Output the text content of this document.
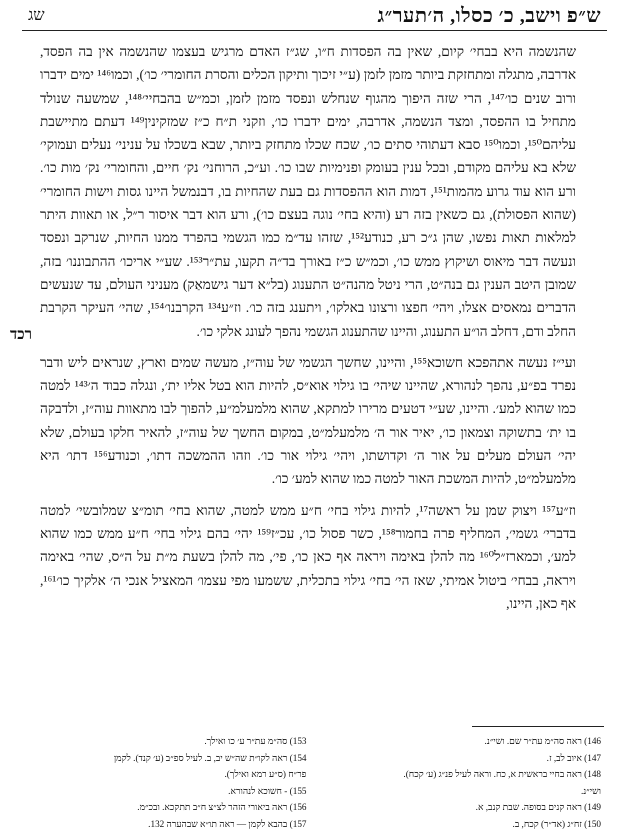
ש״פ וישב, כ׳ כסלו, ה׳תער״ג
שג
רכד

שהנשמה היא בבחי׳ קיום, שאין בה הפסדות ח״ו, שג״ז האדם מרגיש בעצמו שהנשמה אין בה הפסד, אדרבה, מתגלה ומתחזקת ביותר מזמן לזמן (ע״י זיכוך ותיקון הכלים והסרת החומרי׳ כו׳), וכמו¹⁴⁶ ימים ידברו ורוב שנים כו׳¹⁴⁷, הרי שזה היפוך מהגוף שנחלש ונפסד מזמן לזמן, וכמ״ש בהבחיי׳¹⁴⁸, שמשעה שנולד מתחיל בו ההפסד, ומצד הנשמה, אדרבה, ימים ידברו כו׳, וזקני ת״ח כ״ז שמזקינין¹⁴⁹ דעתם מתיישבת עליהם¹⁵⁰, וכמו¹⁵⁰ סבא דעתוהי סתים כו׳, שכח שכלו מתחזק ביותר, שבא בשכלו על עניני׳ נעלים ועמוקי׳ שלא בא עליהם מקודם, ובכל ענין בעומק ופנימיות שבו כו׳. וע״כ, הרוחני׳ נק׳ חיים, והחומרי׳ נק׳ מות כו׳. ורע הוא עוד גרוע מהמות¹⁵¹, דמות הוא ההפסדות גם בעת שהחיות בו, דבנמשל היינו גסות וישות החומרי׳ (שהוא הפסולת), גם כשאין בזה רע (והיא בחי׳ נוגה בעצם כו׳), ורע הוא דבר איסור ר״ל, או תאוות היתר למלאות תאות נפשו, שהן ג״כ רע, כנודע¹⁵², שזהו עד״מ כמו הגשמי בהפרד ממנו החיות, שנרקב ונפסד ונעשה דבר מיאוס ושיקוץ ממש כו׳, וכמ״ש כ״ז באורך בד״ה תקעו, עת״ר¹⁵³. שע״י אריכו׳ ההתבוננו׳ בזה, שמובן היטב הענין גם בנה״ט, הרי ניטל מהנה״ט התענוג (בל״א דער גישמאַק) מעניני העולם, עד שנעשים הדברים נמאסים אצלו, ויהי׳ חפצו ורצונו באלקו׳, ויתענג בזה כו׳. וז״ע¹³⁴ הקרבנו׳¹⁵⁴, שהי׳ העיקר הקרבת החלב ודם, דחלב הו״ע התענוג, והיינו שהתענוג הגשמי נהפך לעונג אלקי כו׳.

ועי״ז נעשה אתהפכא חשוכא¹⁵⁵, והיינו, שחשך הגשמי של עוה״ז, מעשה שמים וארץ, שנראים ליש ודבר נפרד בפ״ע, נהפך לנהורא, שהיינו שיהי׳ בו גילוי אוא״ס, להיות הוא בטל אליו ית׳, ונגלה כבוד ה׳¹⁴³ למטה כמו שהוא למע׳. והיינו, שע״י דטעים מרירו למתקא, שהוא מלמעלמ״ע, להפוך לבו מתאוות עוה״ז, ולדבקה בו ית׳ בתשוקה וצמאון כו׳, יאיר אור ה׳ מלמעלמ״ט, במקום החשך של עוה״ז, להאיר חלקו בעולם, שלא יהי׳ העולם מעלים על אור ה׳ וקדושתו, ויהי׳ גילוי אור כו׳. וזהו ההמשכה דתו׳, וכנודע¹⁵⁶ דתו׳ היא מלמעלמ״ט, להיות המשכת האור למטה כמו שהוא למע׳ כו׳.

וז״ע¹⁵⁷ ויצוק שמן על ראשה¹⁷, להיות גילוי בחי׳ ח״ע ממש למטה, שהוא בחי׳ תומ״צ שמלובשי׳ למטה בדברי׳ גשמי׳, המחליף פרה בחמור¹⁵⁸, כשר פסול כו׳, עכ״ז¹⁵⁹ יהי׳ בהם גילוי בחי׳ ח״ע ממש כמו שהוא למע׳, וכמארז״ל¹⁶⁰ מה להלן באימה ויראה אף כאן כו׳, פי׳, מה להלן בשעת מ״ת על ה״ס, שהי׳ באימה ויראה, בבחי׳ ביטול אמיתי, שאז הי׳ בחי׳ גילוי בתכלית, ששמעו מפי עצמו׳ המאציל אנכי ה׳ אלקיך כו׳¹⁶¹, אף כאן, היינו,

146) ראה סה״מ עת״ר שם. ושי״נ.
147) איוב לב, ז.
148) ראה בחיי בראשית א, כח. וראה לעיל פנ״ג (ע׳ קכח).
ושי״נ.
149) ראה קנים בסופה. שבת קנב, א.
150) זח״ג (אד״ר) קכח, ב.
153) סה״מ עת״ר ע׳ כו ואילך.
154) ראה לקו״ת שה״ש יב, ב. לעיל ספ״ב (ע׳ קנד). לקמן
פר״ח (ס״ע רמא ואילך).
155) - חשוכא לנהורא.
156) ראה ביאורי הזהר לצ״צ ח״ב תתקכא. ובכ״מ.
157) בהבא לקמן — ראה תו״א שבהערה 132.
